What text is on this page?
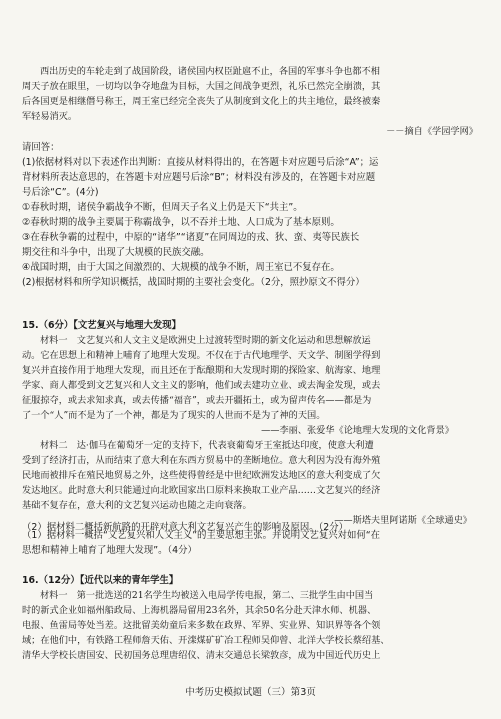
西出历史的车轮走到了战国阶段，诸侯国内权臣趾扈不止，各国的军事斗争也都不相

周天子放在眼里，一切均以争夺地盘为目标，大国之间战争更烈，礼乐已然完全崩溃，其

后各国更是相继僭号称王，周王室已经完全丧失了从制度到文化上的共主地位，最终被秦

军轻易消灭。

－－摘自《学园学网》

请回答：

(1)依据材料对以下表述作出判断：直接从材料得出的，在答题卡对应题号后涂“A”；运

背材料所表达意思的，在答题卡对应题号后涂“B”；材料没有涉及的，在答题卡对应题

号后涂“C”。(4分)

①春秋时期，诸侯争霸战争不断，但周天子名义上仍是天下“共主”。

②春秋时期的战争主要属于称霸战争，以不吞并土地、人口成为了基本原则。

③在春秋争霸的过程中，中原的“诸华”“诸夏”在同周边的戎、狄、蛮、夷等民族长

期交往和斗争中，出现了大规模的民族交融。

④战国时期，由于大国之间激烈的、大规模的战争不断，周王室已不复存在。

(2)根据材料和所学知识概括，战国时期的主要社会变化。（2分，照抄原文不得分）

15.（6分）【文艺复兴与地理大发现】

材料一　文艺复兴和人文主义是欧洲史上过渡转型时期的新文化运动和思想解放运

动。它在思想上和精神上哺育了地理大发现。不仅在于古代地理学、天文学、制图学得到

复兴并直接作用于地理大发现，而且还在于酝酿期和大发现时期的探险家、航海家、地理

学家、商人都受到文艺复兴和人文主义的影响，他们或去建功立业、或去淘金发现，或去

征服掠夺，或去求知求真，或去传播“福音”，或去开疆拓土，或为留声传名——都是为

了一个“人”而不是为了一个神，都是为了现实的人世而不是为了神的天国。

——李丽、张爱华《论地理大发现的文化背景》

材料二　达·伽马在葡萄牙一定的支持下，代表衰葡萄牙王室抵达印度，使意大利遭

受到了经济打击，从而结束了意大利在东西方贸易中的垄断地位。意大利因为没有海外殖

民地而被排斥在殖民地贸易之外，这些使得曾经是中世纪欧洲发达地区的意大利变成了欠

发达地区。此时意大利只能通过向北欧国家出口原料来换取工业产品……文艺复兴的经济

基础不复存在，意大利的文艺复兴运动也随之走向衰落。

——斯塔夫里阿诺斯《全球通史》

（1）据材料一概括“文艺复兴和人文主义”的主要思想主张。并说明文艺复兴对如何“在

思想和精神上哺育了地理大发现”。（4分）

（2）据材料二概括新航路的开辟对意大利文艺复兴产生的影响及原因。（2分）

16.（12分）【近代以来的青年学生】

材料一　第一批选送的21名学生均被送入电局学传电报，第二、三批学生由中国当

时的新式企业如福州船政局、上海机器局留用23名外，其余50名分赴天津水师、机器、

电报、鱼雷局等处当差。这批留美幼童后来多数在政界、军界、实业界、知识界等各个领

域；在他们中，有铁路工程师詹天佑、开滦煤矿矿冶工程师吴仰曾、北洋大学校长蔡绍基、

清华大学校长唐国安、民初国务总理唐绍仪、清末交通总长梁敦彦，成为中国近代历史上

中考历史模拟试题（三）第3页
